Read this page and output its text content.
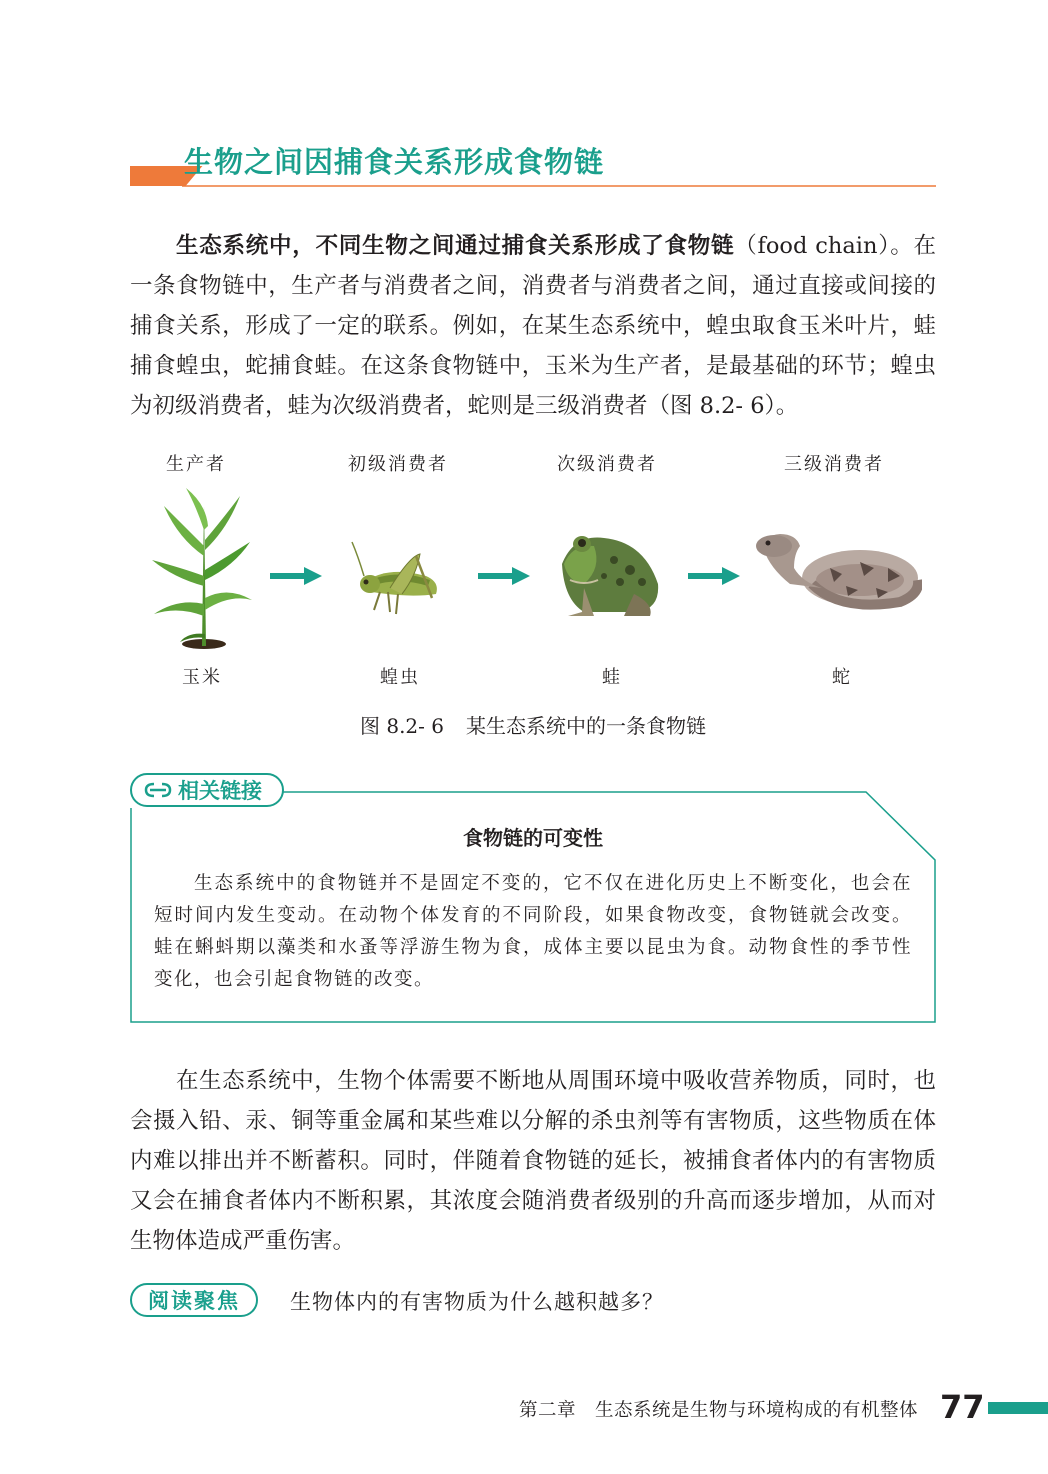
生物之间因捕食关系形成食物链

生态系统中，不同生物之间通过捕食关系形成了食物链（food chain）。在一条食物链中，生产者与消费者之间，消费者与消费者之间，通过直接或间接的捕食关系，形成了一定的联系。例如，在某生态系统中，蝗虫取食玉米叶片，蛙捕食蝗虫，蛇捕食蛙。在这条食物链中，玉米为生产者，是最基础的环节；蝗虫为初级消费者，蛙为次级消费者，蛇则是三级消费者（图 8.2- 6）。

生产者	初级消费者	次级消费者	三级消费者
玉米	蝗虫	蛙	蛇

图 8.2- 6 某生态系统中的一条食物链

相关链接

食物链的可变性

生态系统中的食物链并不是固定不变的，它不仅在进化历史上不断变化，也会在短时间内发生变动。在动物个体发育的不同阶段，如果食物改变，食物链就会改变。蛙在蝌蚪期以藻类和水蚤等浮游生物为食，成体主要以昆虫为食。动物食性的季节性变化，也会引起食物链的改变。

在生态系统中，生物个体需要不断地从周围环境中吸收营养物质，同时，也会摄入铅、汞、铜等重金属和某些难以分解的杀虫剂等有害物质，这些物质在体内难以排出并不断蓄积。同时，伴随着食物链的延长，被捕食者体内的有害物质又会在捕食者体内不断积累，其浓度会随消费者级别的升高而逐步增加，从而对生物体造成严重伤害。

阅读聚焦	生物体内的有害物质为什么越积越多？

第二章　生态系统是生物与环境构成的有机整体 77
